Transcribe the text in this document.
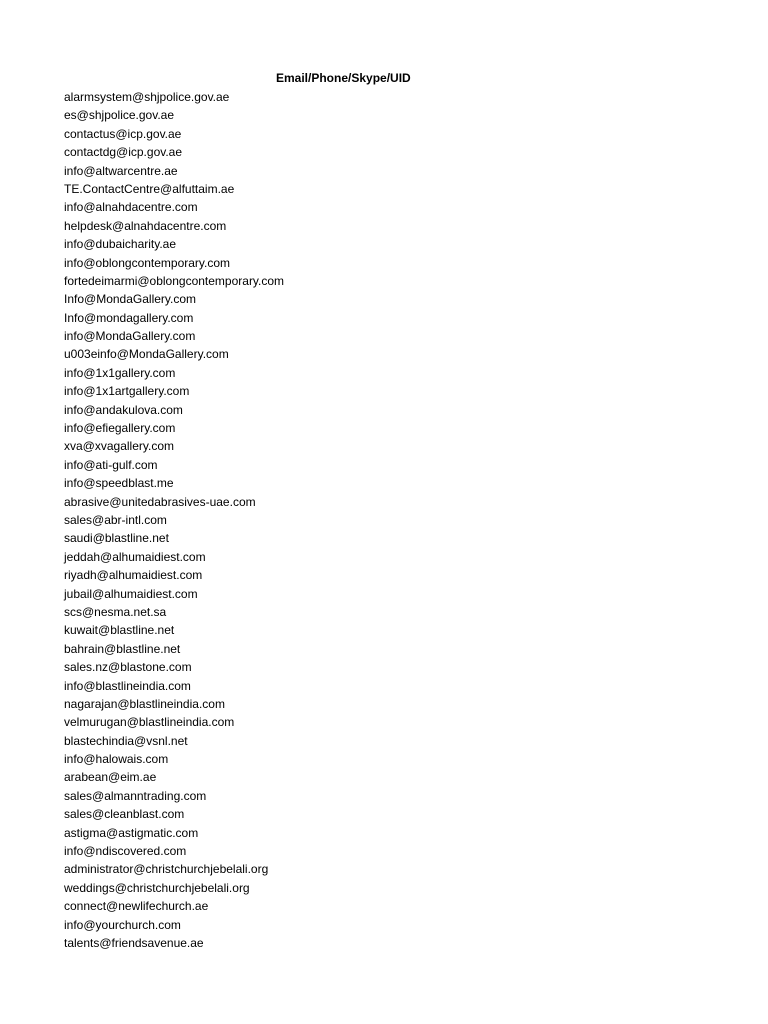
Email/Phone/Skype/UID
alarmsystem@shjpolice.gov.ae
es@shjpolice.gov.ae
contactus@icp.gov.ae
contactdg@icp.gov.ae
info@altwarcentre.ae
TE.ContactCentre@alfuttaim.ae
info@alnahdacentre.com
helpdesk@alnahdacentre.com
info@dubaicharity.ae
info@oblongcontemporary.com
fortedeimarmi@oblongcontemporary.com
Info@MondaGallery.com
Info@mondagallery.com
info@MondaGallery.com
u003einfo@MondaGallery.com
info@1x1gallery.com
info@1x1artgallery.com
info@andakulova.com
info@efiegallery.com
xva@xvagallery.com
info@ati-gulf.com
info@speedblast.me
abrasive@unitedabrasives-uae.com
sales@abr-intl.com
saudi@blastline.net
jeddah@alhumaidiest.com
riyadh@alhumaidiest.com
jubail@alhumaidiest.com
scs@nesma.net.sa
kuwait@blastline.net
bahrain@blastline.net
sales.nz@blastone.com
info@blastlineindia.com
nagarajan@blastlineindia.com
velmurugan@blastlineindia.com
blastechindia@vsnl.net
info@halowais.com
arabean@eim.ae
sales@almanntrading.com
sales@cleanblast.com
astigma@astigmatic.com
info@ndiscovered.com
administrator@christchurchjebelali.org
weddings@christchurchjebelali.org
connect@newlifechurch.ae
info@yourchurch.com
talents@friendsavenue.ae
